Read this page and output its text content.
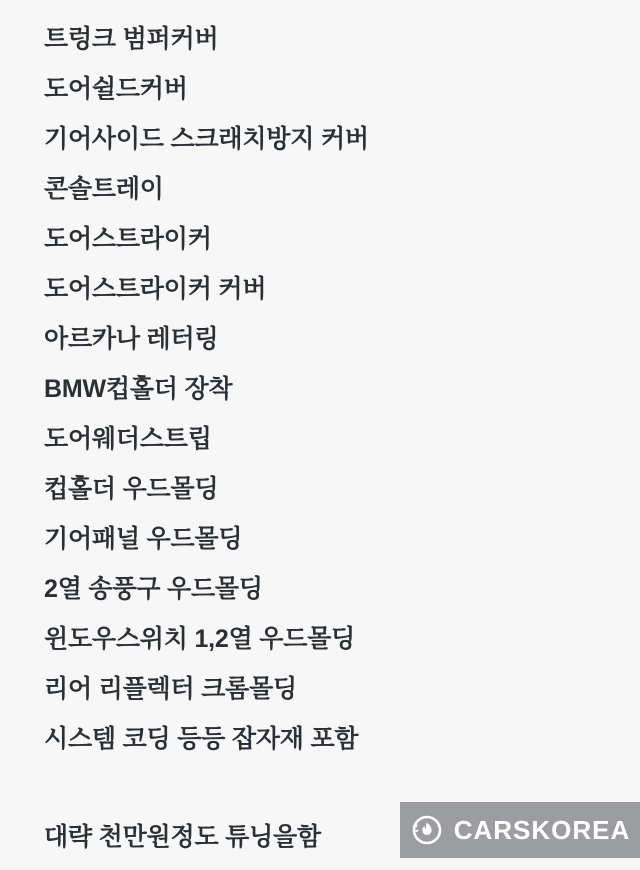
트렁크 범퍼커버
도어쉴드커버
기어사이드 스크래치방지 커버
콘솔트레이
도어스트라이커
도어스트라이커 커버
아르카나 레터링
BMW컵홀더 장착
도어웨더스트립
컵홀더 우드몰딩
기어패널 우드몰딩
2열 송풍구 우드몰딩
윈도우스위치 1,2열 우드몰딩
리어 리플렉터 크롬몰딩
시스템 코딩 등등 잡자재 포함
대략 천만원정도 튜닝을함	CARSKOREA
